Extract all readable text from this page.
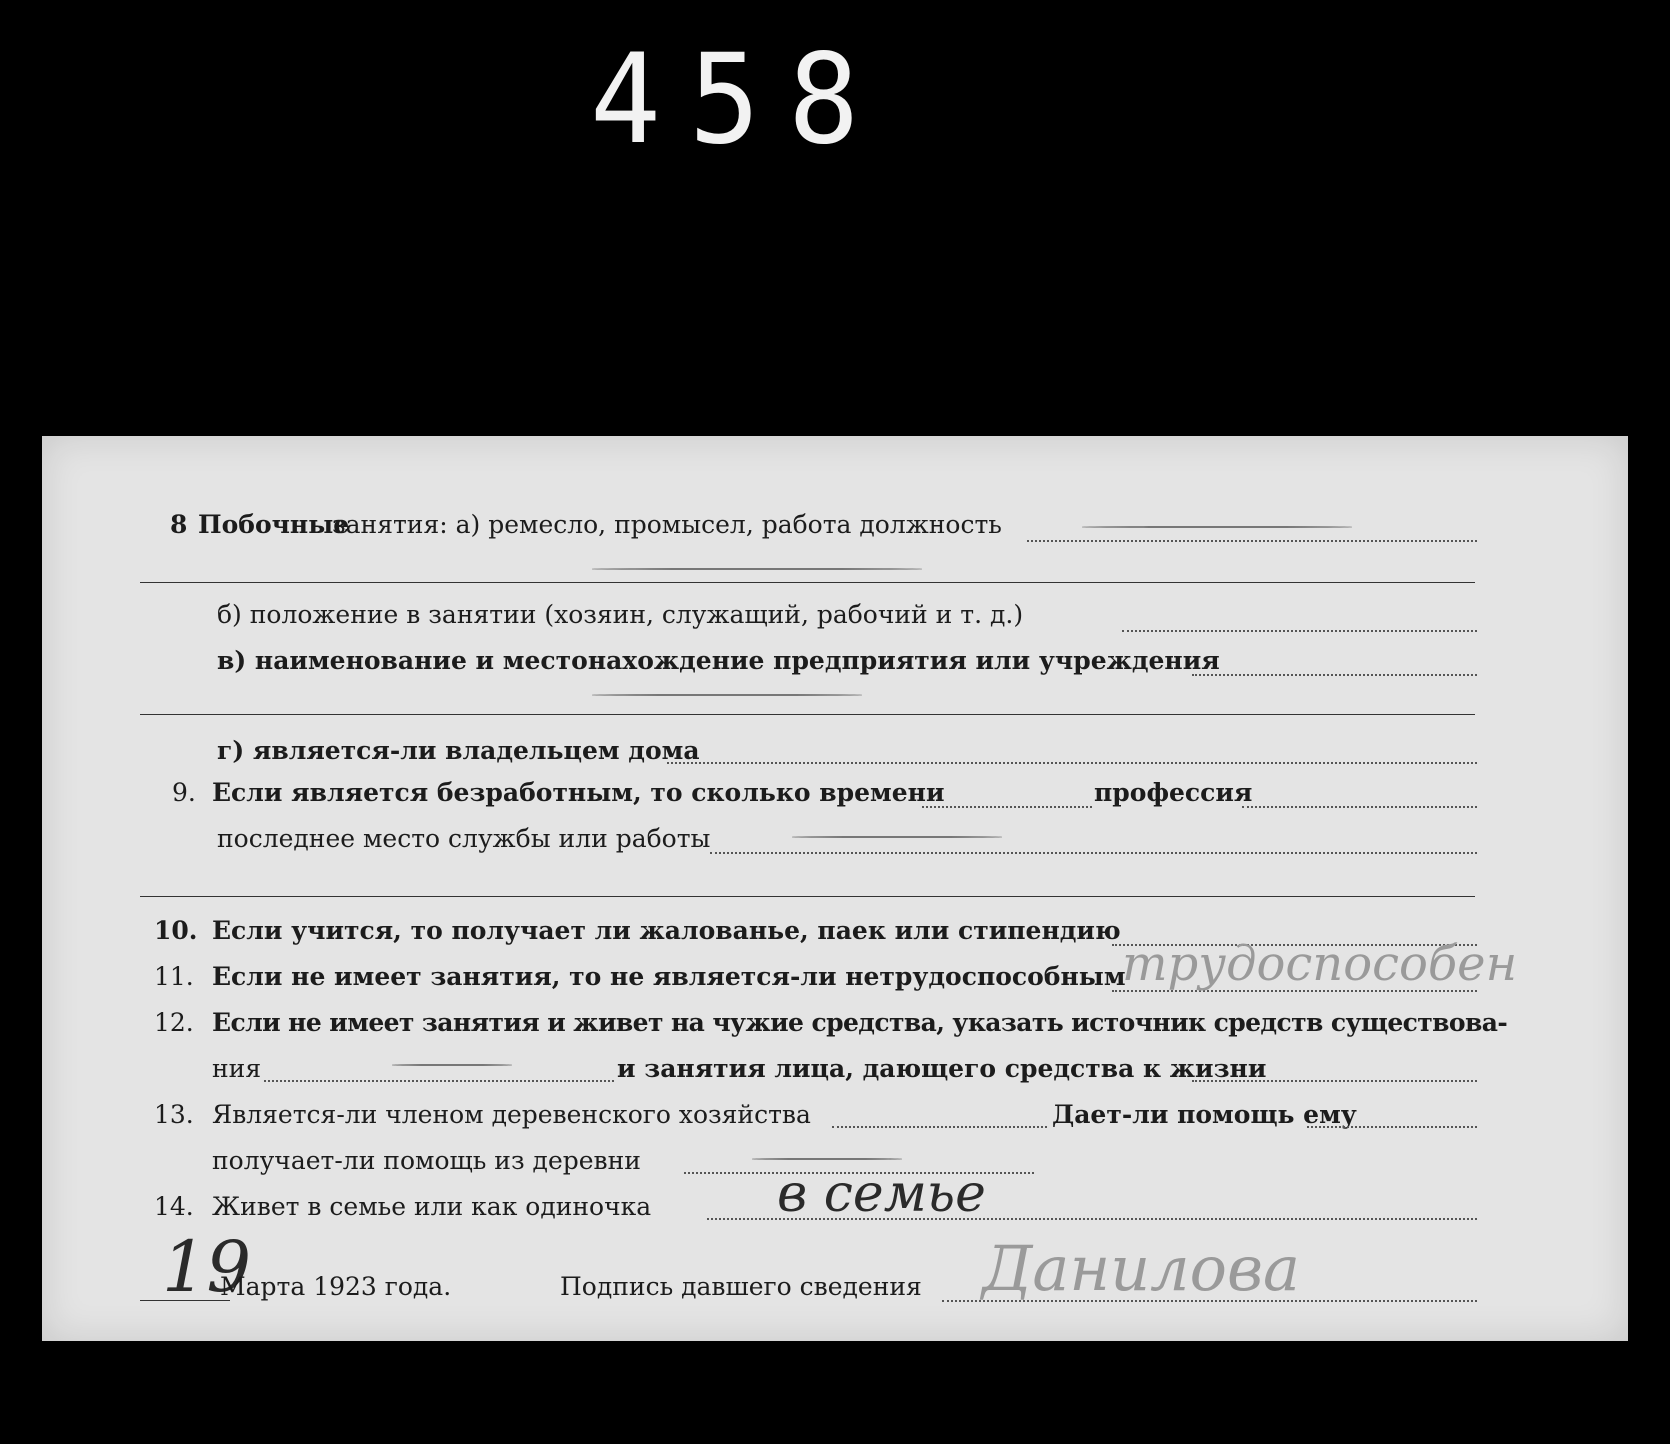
458
8 Побочные
занятия: а) ремесло, промысел, работа должность
б) положение в занятии (хозяин, служащий, рабочий и т. д.)
в) наименование и местонахождение предприятия или учреждения
г) является-ли владельцем дома
9. Если является безработным, то сколько времени	профессия
последнее место службы или работы
10. Если учится, то получает ли жалованье, паек или стипендию
11. Если не имеет занятия, то не является-ли нетрудоспособным
трудоспособен
12. Если не имеет занятия и живет на чужие средства, указать источник средств существова-
ния	и занятия лица, дающего средства к жизни
13. Является-ли членом деревенского хозяйства	Дает-ли помощь ему
получает-ли помощь из деревни
14. Живет в семье или как одиночка в семье
19
Марта 1923 года.	Подпись давшего сведения Данилова
